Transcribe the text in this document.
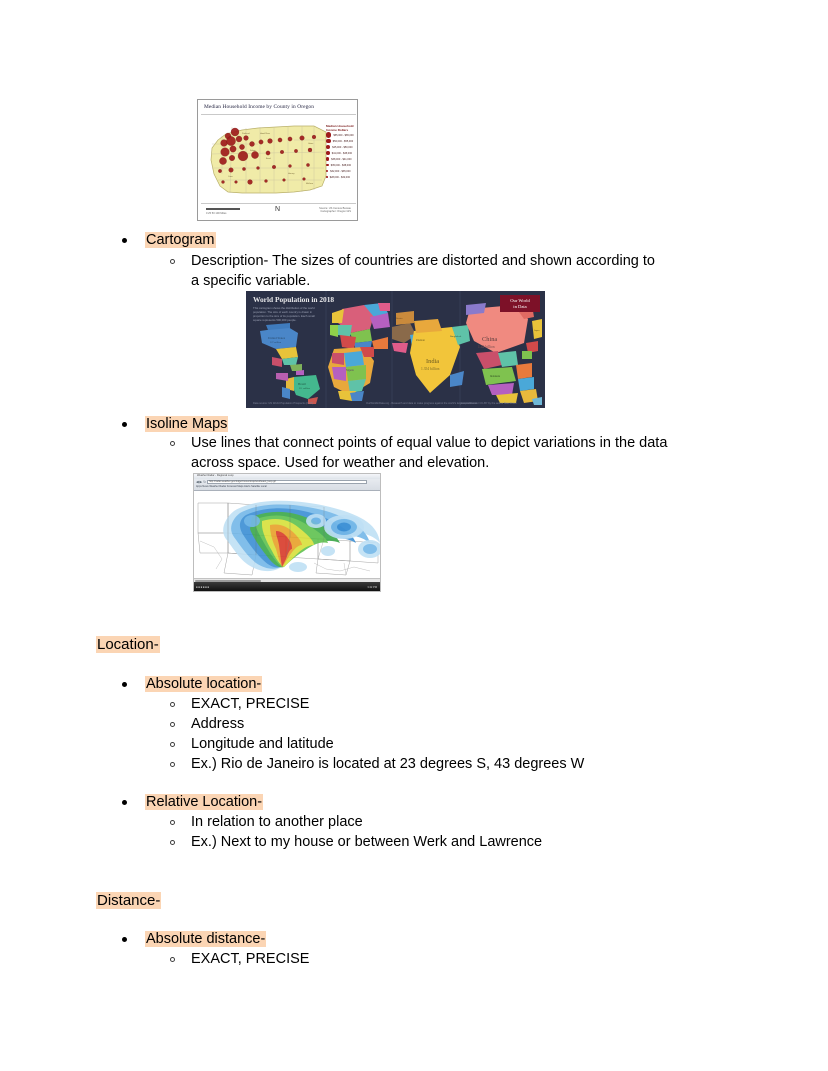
Median Household Income by County in Oregon
Portland	Hood River
Salem
Bend
Coos
Harney
Malheur
Union
Median Household
Income Dollars
$55,000 - $65,000
$50,000 - $55,000
$45,000 - $50,000
$41,000 - $45,000
$38,000 - $41,000
$35,000 - $38,000
$32,000 - $35,000
$28,000 - $32,000
0 25 50 100 Miles
N	Source: US Census Bureau
Cartographer: Oregon GIS
Cartogram
Description- The sizes of countries are distorted and shown according to
a specific variable.
China
1.42 billion
India
1.354 billion
United States
327 million
Brazil
211 million
Nigeria
Indonesia
Pakistan
Bangladesh
Russia
Japan
World Population in 2018
This cartogram shows the distribution of the world population. The size of each country is drawn in proportion to the size of its population. Each small square represents 500,000 people.
Our World
in Data
Data source: UN World Population Prospects (2017)	OurWorldinData.org - Research and data to make progress against the world's largest problems.
Licensed under CC-BY by the author Max Roser.
Isoline Maps
Use lines that connect points of equal value to depict variations in the data
across space. Used for weather and elevation.
Weather Radar - Regional Loop
◀ ▶ ↻ http://radar.weather.gov/ridge/Conus/loop/southeast_loop.gif
Apps News Weather Radar Forecast Maps Alerts Satellite Local
■ ■ ■ ■ ■ ■	3:42 PM
Location-
Absolute location-
EXACT, PRECISE
Address
Longitude and latitude
Ex.) Rio de Janeiro is located at 23 degrees S, 43 degrees W
Relative Location-
In relation to another place
Ex.) Next to my house or between Werk and Lawrence
Distance-
Absolute distance-
EXACT, PRECISE
